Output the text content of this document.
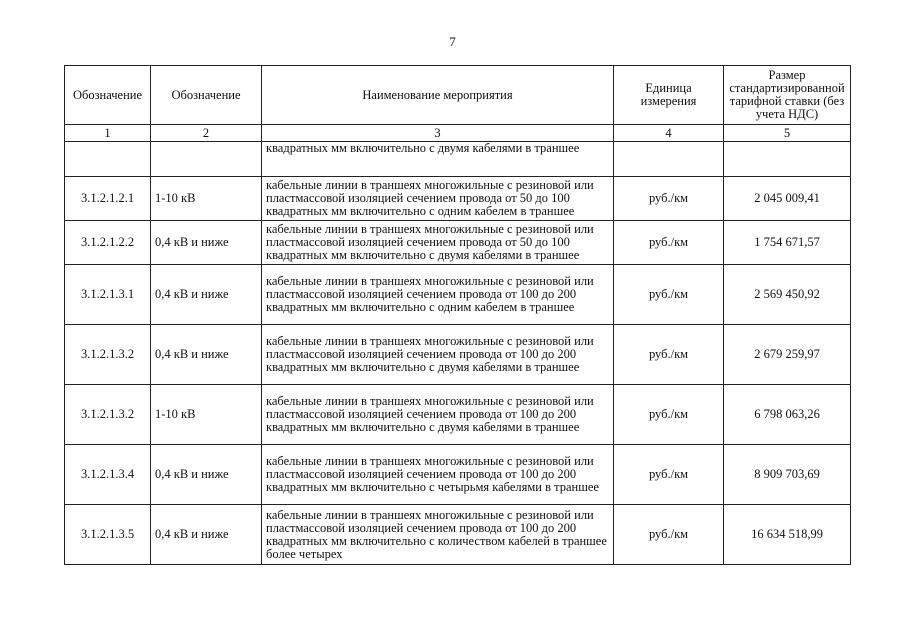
7
Обозначение	Обозначение	Наименование мероприятия	Единица измерения	Размер стандартизированной тарифной ставки (без учета НДС)
1	2	3	4	5
		квадратных мм включительно с двумя кабелями в траншее		
3.1.2.1.2.1	1-10 кВ	кабельные линии в траншеях многожильные с резиновой или пластмассовой изоляцией сечением провода от 50 до 100 квадратных мм включительно с одним кабелем в траншее	руб./км	2 045 009,41
3.1.2.1.2.2	0,4 кВ и ниже	кабельные линии в траншеях многожильные с резиновой или пластмассовой изоляцией сечением провода от 50 до 100 квадратных мм включительно с двумя кабелями в траншее	руб./км	1 754 671,57
3.1.2.1.3.1	0,4 кВ и ниже	кабельные линии в траншеях многожильные с резиновой или пластмассовой изоляцией сечением провода от 100 до 200 квадратных мм включительно с одним кабелем в траншее	руб./км	2 569 450,92
3.1.2.1.3.2	0,4 кВ и ниже	кабельные линии в траншеях многожильные с резиновой или пластмассовой изоляцией сечением провода от 100 до 200 квадратных мм включительно с двумя кабелями в траншее	руб./км	2 679 259,97
3.1.2.1.3.2	1-10 кВ	кабельные линии в траншеях многожильные с резиновой или пластмассовой изоляцией сечением провода от 100 до 200 квадратных мм включительно с двумя кабелями в траншее	руб./км	6 798 063,26
3.1.2.1.3.4	0,4 кВ и ниже	кабельные линии в траншеях многожильные с резиновой или пластмассовой изоляцией сечением провода от 100 до 200 квадратных мм включительно с четырьмя кабелями в траншее	руб./км	8 909 703,69
3.1.2.1.3.5	0,4 кВ и ниже	кабельные линии в траншеях многожильные с резиновой или пластмассовой изоляцией сечением провода от 100 до 200 квадратных мм включительно с количеством кабелей в траншее более четырех	руб./км	16 634 518,99
